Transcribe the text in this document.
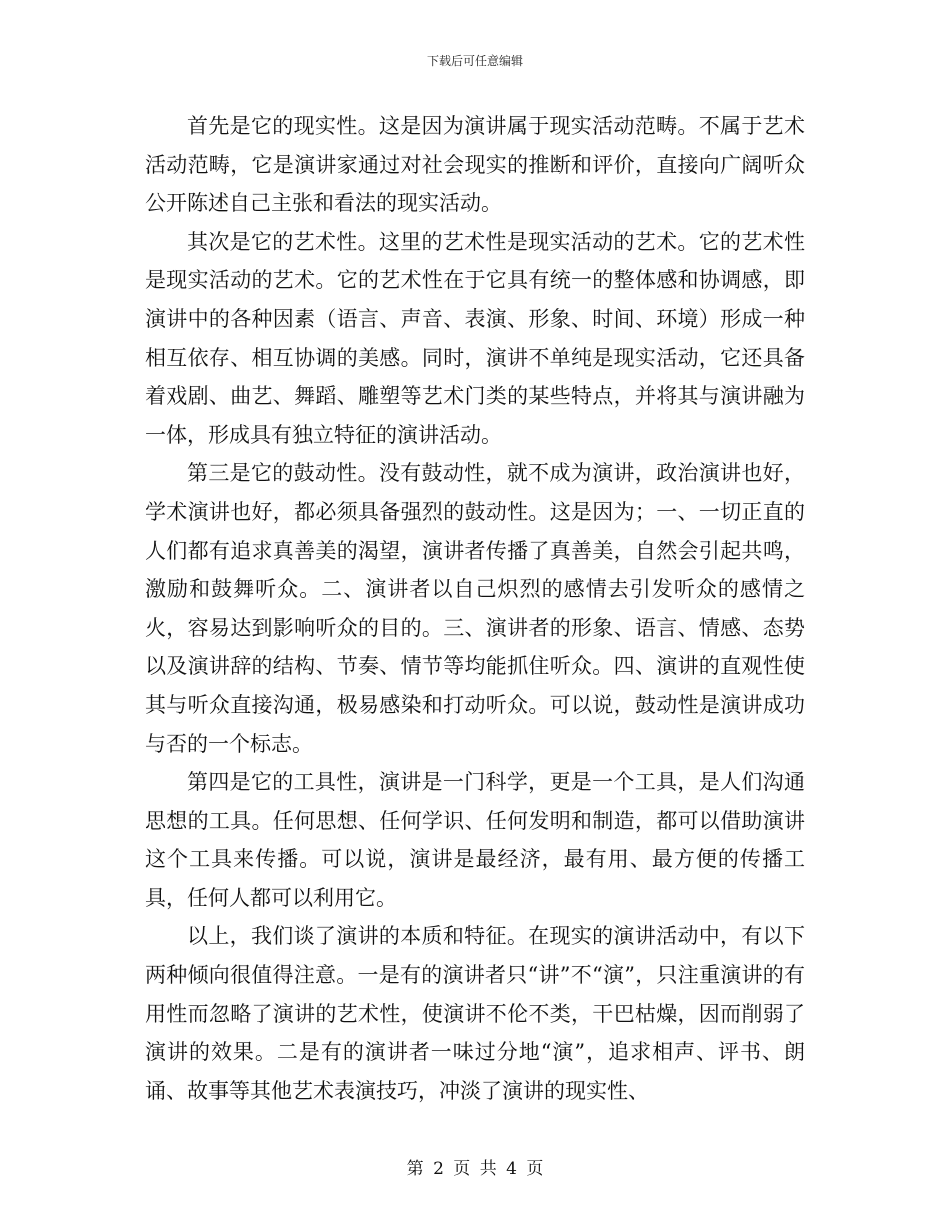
下载后可任意编辑

首先是它的现实性。这是因为演讲属于现实活动范畴。不属于艺术活动范畴，它是演讲家通过对社会现实的推断和评价，直接向广阔听众公开陈述自己主张和看法的现实活动。

其次是它的艺术性。这里的艺术性是现实活动的艺术。它的艺术性是现实活动的艺术。它的艺术性在于它具有统一的整体感和协调感，即演讲中的各种因素（语言、声音、表演、形象、时间、环境）形成一种相互依存、相互协调的美感。同时，演讲不单纯是现实活动，它还具备着戏剧、曲艺、舞蹈、雕塑等艺术门类的某些特点，并将其与演讲融为一体，形成具有独立特征的演讲活动。

第三是它的鼓动性。没有鼓动性，就不成为演讲，政治演讲也好，学术演讲也好，都必须具备强烈的鼓动性。这是因为；一、一切正直的人们都有追求真善美的渴望，演讲者传播了真善美，自然会引起共鸣，激励和鼓舞听众。二、演讲者以自己炽烈的感情去引发听众的感情之火，容易达到影响听众的目的。三、演讲者的形象、语言、情感、态势以及演讲辞的结构、节奏、情节等均能抓住听众。四、演讲的直观性使其与听众直接沟通，极易感染和打动听众。可以说，鼓动性是演讲成功与否的一个标志。

第四是它的工具性，演讲是一门科学，更是一个工具，是人们沟通思想的工具。任何思想、任何学识、任何发明和制造，都可以借助演讲这个工具来传播。可以说，演讲是最经济，最有用、最方便的传播工具，任何人都可以利用它。

以上，我们谈了演讲的本质和特征。在现实的演讲活动中，有以下两种倾向很值得注意。一是有的演讲者只“讲”不“演”，只注重演讲的有用性而忽略了演讲的艺术性，使演讲不伦不类，干巴枯燥，因而削弱了演讲的效果。二是有的演讲者一味过分地“演”，追求相声、评书、朗诵、故事等其他艺术表演技巧，冲淡了演讲的现实性、

第 2 页 共 4 页
